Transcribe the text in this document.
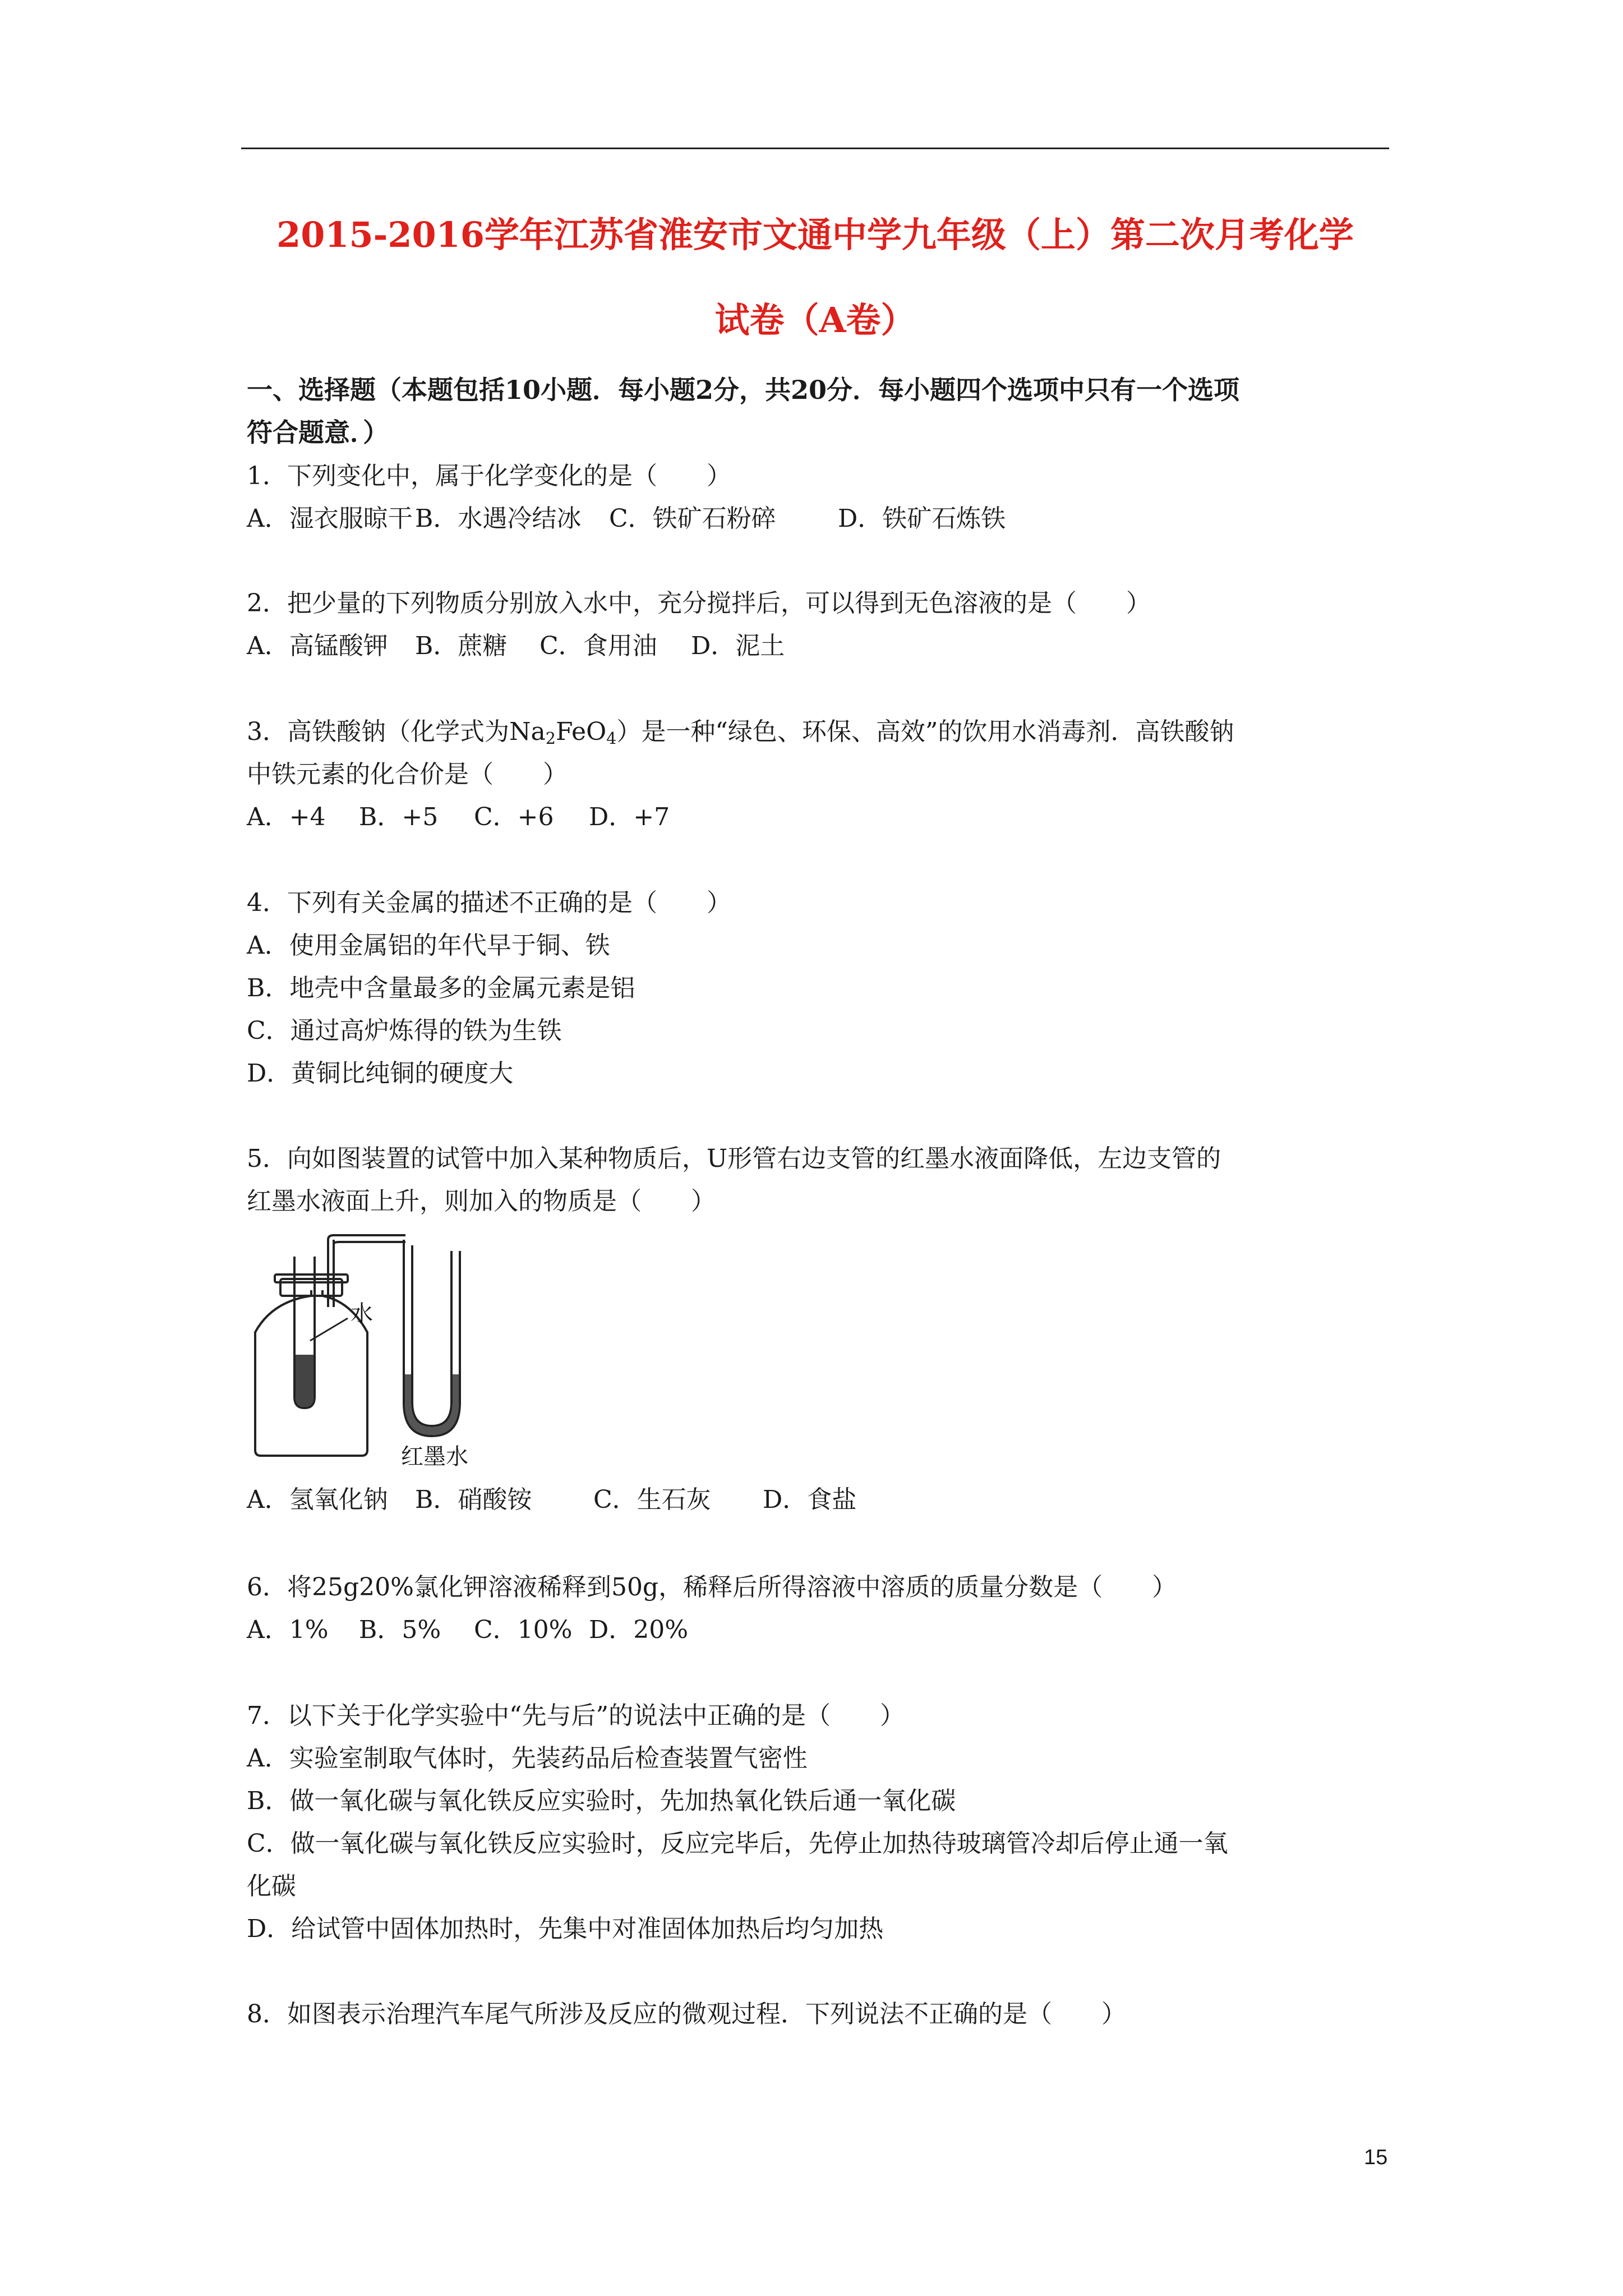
2015-2016学年江苏省淮安市文通中学九年级（上）第二次月考化学
试卷（A卷）
一、选择题（本题包括10小题．每小题2分，共20分．每小题四个选项中只有一个选项
符合题意．）
1．下列变化中，属于化学变化的是（　　）
A．湿衣服晾干B．水遇冷结冰 C．铁矿石粉碎	D．铁矿石炼铁
2．把少量的下列物质分别放入水中，充分搅拌后，可以得到无色溶液的是（　　）
A．高锰酸钾 B．蔗糖 C．食用油 D．泥土
3．高铁酸钠（化学式为$Na_2FeO_4$）是一种“绿色、环保、高效”的饮用水消毒剂．高铁酸钠
中铁元素的化合价是（　　）
A．+4 B．+5 C．+6 D．+7
4．下列有关金属的描述不正确的是（　　）
A．使用金属铝的年代早于铜、铁
B．地壳中含量最多的金属元素是铝
C．通过高炉炼得的铁为生铁
D．黄铜比纯铜的硬度大
5．向如图装置的试管中加入某种物质后，U形管右边支管的红墨水液面降低，左边支管的
红墨水液面上升，则加入的物质是（　　）
水
红墨水
A．氢氧化钠 B．硝酸铵 C．生石灰 D．食盐
6．将25g20%氯化钾溶液稀释到50g，稀释后所得溶液中溶质的质量分数是（　　）
A．1% B．5% C．10% D．20%
7．以下关于化学实验中“先与后”的说法中正确的是（　　）
A．实验室制取气体时，先装药品后检查装置气密性
B．做一氧化碳与氧化铁反应实验时，先加热氧化铁后通一氧化碳
C．做一氧化碳与氧化铁反应实验时，反应完毕后，先停止加热待玻璃管冷却后停止通一氧
化碳
D．给试管中固体加热时，先集中对准固体加热后均匀加热
8．如图表示治理汽车尾气所涉及反应的微观过程．下列说法不正确的是（　　）
15
